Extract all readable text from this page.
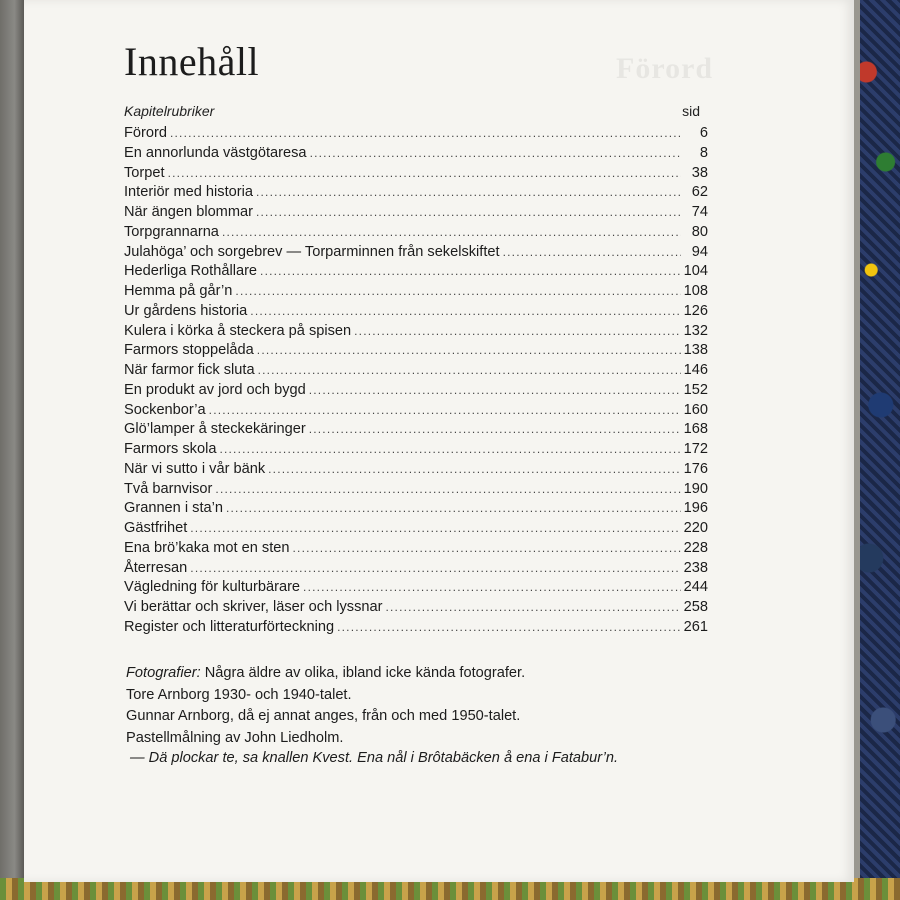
Förord
Innehåll
Kapitelrubriker	sid
Förord .....	6
En annorlunda västgötaresa .....	8
Torpet .....	38
Interiör med historia .....	62
När ängen blommar .....	74
Torpgrannarna .....	80
Julahöga’ och sorgebrev — Torparminnen från sekelskiftet .....	94
Hederliga Rothållare .....	104
Hemma på går’n .....	108
Ur gårdens historia .....	126
Kulera i körka å steckera på spisen .....	132
Farmors stoppelåda .....	138
När farmor fick sluta .....	146
En produkt av jord och bygd .....	152
Sockenbor’a .....	160
Glö’lamper å steckekäringer .....	168
Farmors skola .....	172
När vi sutto i vår bänk .....	176
Två barnvisor .....	190
Grannen i sta’n .....	196
Gästfrihet .....	220
Ena brö’kaka mot en sten .....	228
Återresan .....	238
Vägledning för kulturbärare .....	244
Vi berättar och skriver, läser och lyssnar .....	258
Register och litteraturförteckning .....	261
Fotografier: Några äldre av olika, ibland icke kända fotografer.
Tore Arnborg 1930- och 1940-talet.
Gunnar Arnborg, då ej annat anges, från och med 1950-talet.
Pastellmålning av John Liedholm.
— Dä plockar te, sa knallen Kvest. Ena nål i Brôtabäcken å ena i Fatabur’n.
